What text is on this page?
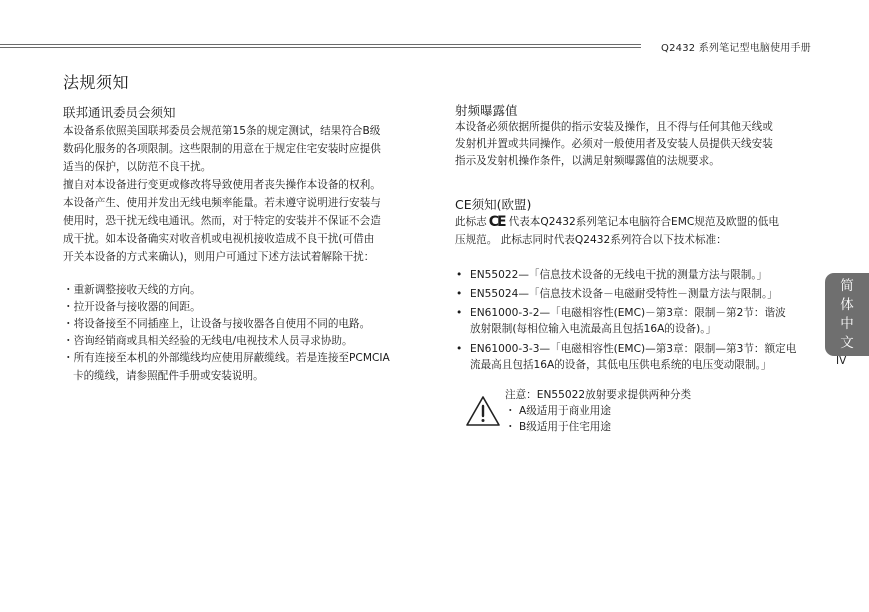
Q2432 系列笔记型电脑使用手册
法规须知
联邦通讯委员会须知

本设备系依照美国联邦委员会规范第15条的规定测试，结果符合B级

数码化服务的各项限制。这些限制的用意在于规定住宅安装时应提供

适当的保护，以防范不良干扰。

擅自对本设备进行变更或修改将导致使用者丧失操作本设备的权利。

本设备产生、使用并发出无线电频率能量。若未遵守说明进行安装与

使用时，恐干扰无线电通讯。然而，对于特定的安装并不保证不会造

成干扰。如本设备确实对收音机或电视机接收造成不良干扰(可借由

开关本设备的方式来确认)，则用户可通过下述方法试着解除干扰：

・重新调整接收天线的方向。

・拉开设备与接收器的间距。

・将设备接至不同插座上，让设备与接收器各自使用不同的电路。

・咨询经销商或具相关经验的无线电/电视技术人员寻求协助。

・所有连接至本机的外部缆线均应使用屏蔽缆线。若是连接至PCMCIA

卡的缆线，请参照配件手册或安装说明。

射频曝露值

本设备必须依据所提供的指示安装及操作，且不得与任何其他天线或

发射机并置或共同操作。必须对一般使用者及安装人员提供天线安装

指示及发射机操作条件，以满足射频曝露值的法规要求。

CE须知(欧盟)

此标志 CE 代表本Q2432系列笔记本电脑符合EMC规范及欧盟的低电

压规范。 此标志同时代表Q2432系列符合以下技术标准：

• EN55022—「信息技术设备的无线电干扰的测量方法与限制。」

• EN55024—「信息技术设备－电磁耐受特性－测量方法与限制。」

• EN61000-3-2—「电磁相容性(EMC)－第3章：限制－第2节：谐波

放射限制(每相位输入电流最高且包括16A的设备)。」

• EN61000-3-3—「电磁相容性(EMC)—第3章：限制—第3节：额定电

流最高且包括16A的设备，其低电压供电系统的电压变动限制。」

注意：EN55022放射要求提供两种分类
・ A级适用于商业用途
・ B级适用于住宅用途
简
体
中
文
IV
